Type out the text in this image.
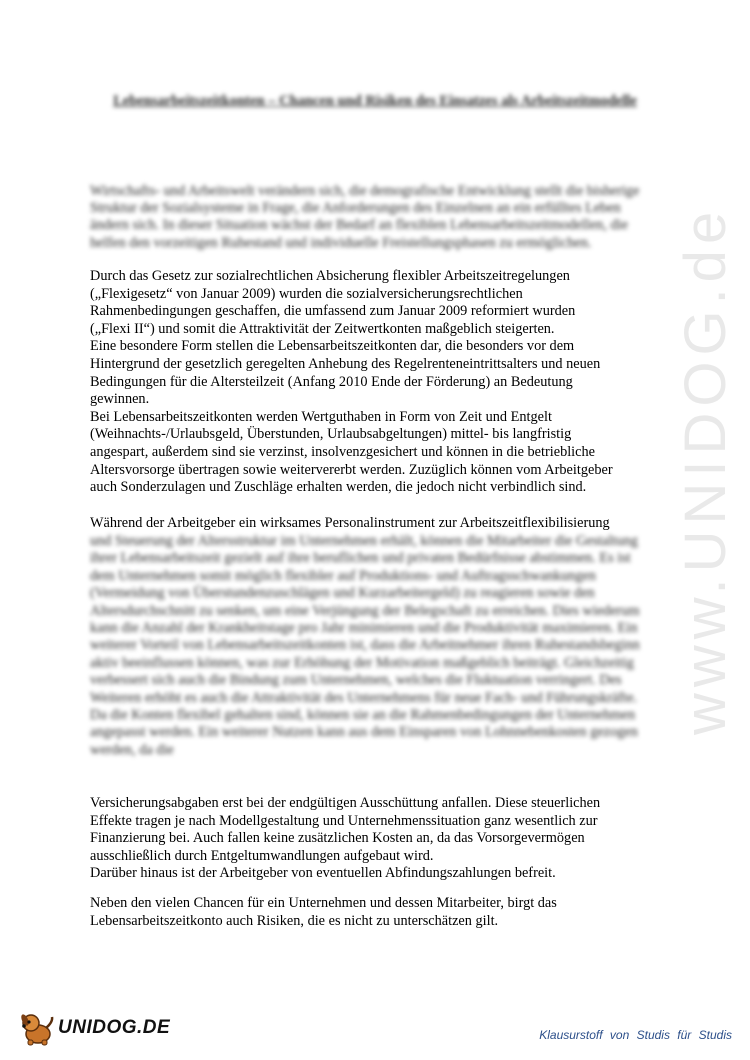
www.UNIDOG.de
Lebensarbeitszeitkonten – Chancen und Risiken des Einsatzes als Arbeitszeitmodelle
Wirtschafts- und Arbeitswelt verändern sich, die demografische Entwicklung stellt die bisherige Struktur der Sozialsysteme in Frage, die Anforderungen des Einzelnen an ein erfülltes Leben ändern sich. In dieser Situation wächst der Bedarf an flexiblen Lebensarbeitszeitmodellen, die helfen den vorzeitigen Ruhestand und individuelle Freistellungsphasen zu ermöglichen.

Durch das Gesetz zur sozialrechtlichen Absicherung flexibler Arbeitszeitregelungen

(„Flexigesetz“ von Januar 2009) wurden die sozialversicherungsrechtlichen

Rahmenbedingungen geschaffen, die umfassend zum Januar 2009 reformiert wurden

(„Flexi II“) und somit die Attraktivität der Zeitwertkonten maßgeblich steigerten.

Eine besondere Form stellen die Lebensarbeitszeitkonten dar, die besonders vor dem

Hintergrund der gesetzlich geregelten Anhebung des Regelrenteneintrittsalters und neuen

Bedingungen für die Altersteilzeit (Anfang 2010 Ende der Förderung) an Bedeutung

gewinnen.

Bei Lebensarbeitszeitkonten werden Wertguthaben in Form von Zeit und Entgelt

(Weihnachts-/Urlaubsgeld, Überstunden, Urlaubsabgeltungen) mittel- bis langfristig

angespart, außerdem sind sie verzinst, insolvenzgesichert und können in die betriebliche

Altersvorsorge übertragen sowie weitervererbt werden. Zuzüglich können vom Arbeitgeber

auch Sonderzulagen und Zuschläge erhalten werden, die jedoch nicht verbindlich sind.

Während der Arbeitgeber ein wirksames Personalinstrument zur Arbeitszeitflexibilisierung
und Steuerung der Altersstruktur im Unternehmen erhält, können die Mitarbeiter die Gestaltung ihrer Lebensarbeitszeit gezielt auf ihre beruflichen und privaten Bedürfnisse abstimmen. Es ist dem Unternehmen somit möglich flexibler auf Produktions- und Auftragsschwankungen (Vermeidung von Überstundenzuschlägen und Kurzarbeitergeld) zu reagieren sowie den Altersdurchschnitt zu senken, um eine Verjüngung der Belegschaft zu erreichen. Dies wiederum kann die Anzahl der Krankheitstage pro Jahr minimieren und die Produktivität maximieren. Ein weiterer Vorteil von Lebensarbeitszeitkonten ist, dass die Arbeitnehmer ihren Ruhestandsbeginn aktiv beeinflussen können, was zur Erhöhung der Motivation maßgeblich beiträgt. Gleichzeitig verbessert sich auch die Bindung zum Unternehmen, welches die Fluktuation verringert. Des Weiteren erhöht es auch die Attraktivität des Unternehmens für neue Fach- und Führungskräfte. Da die Konten flexibel gehalten sind, können sie an die Rahmenbedingungen der Unternehmen angepasst werden. Ein weiterer Nutzen kann aus dem Einsparen von Lohnnebenkosten gezogen werden, da die

Versicherungsabgaben erst bei der endgültigen Ausschüttung anfallen. Diese steuerlichen

Effekte tragen je nach Modellgestaltung und Unternehmenssituation ganz wesentlich zur

Finanzierung bei. Auch fallen keine zusätzlichen Kosten an, da das Vorsorgevermögen

ausschließlich durch Entgeltumwandlungen aufgebaut wird.

Darüber hinaus ist der Arbeitgeber von eventuellen Abfindungszahlungen befreit.

Neben den vielen Chancen für ein Unternehmen und dessen Mitarbeiter, birgt das

Lebensarbeitszeitkonto auch Risiken, die es nicht zu unterschätzen gilt.

UNIDOG.DE	Klausurstoff von Studis für Studis
